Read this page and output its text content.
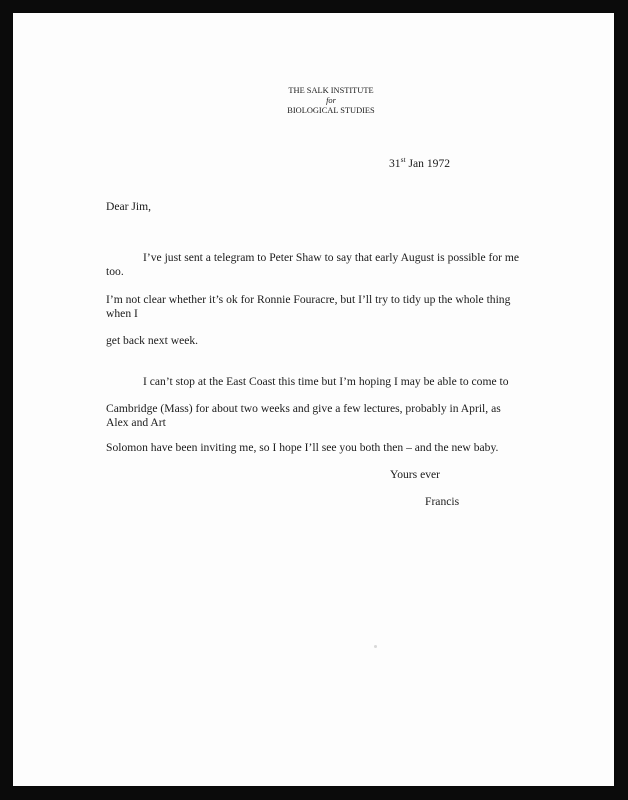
THE SALK INSTITUTE
for
BIOLOGICAL STUDIES
31st Jan 1972
Dear Jim,
I’ve just sent a telegram to Peter Shaw to say that early August is possible for me
too.
I’m not clear whether it’s ok for Ronnie Fouracre, but I’ll try to tidy up the whole thing
when I
get back next week.
I can’t stop at the East Coast this time but I’m hoping I may be able to come to
Cambridge (Mass) for about two weeks and give a few lectures, probably in April, as
Alex and Art
Solomon have been inviting me, so I hope I’ll see you both then – and the new baby.
Yours ever
Francis
